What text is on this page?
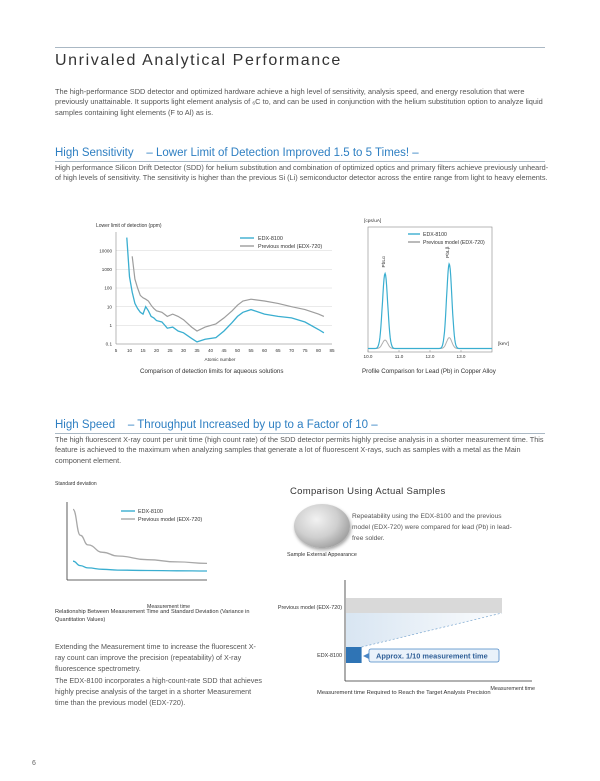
Unrivaled Analytical Performance
The high-performance SDD detector and optimized hardware achieve a high level of sensitivity, analysis speed, and energy resolution that were previously unattainable. It supports light element analysis of ₆C to, and can be used in conjunction with the helium substitution option to analyze liquid samples containing light elements (F to Al) as is.
High Sensitivity – Lower Limit of Detection Improved 1.5 to 5 Times! –
High performance Silicon Drift Detector (SDD) for helium substitution and combination of optimized optics and primary filters achieve previously unheard-of high levels of sensitivity. The sensitivity is higher than the previous Si (Li) semiconductor detector across the entire range from light to heavy elements.
Lower limit of detection (ppm)
Atomic number
5 10 15 20 25 30 35 40 45 50 55 60 65 70 75 80 85
0.1
1
10
100
1000
10000
EDX-8100
Previous model (EDX-720)
Comparison of detection limits for aqueous solutions
[cps/uA]
10.0	11.0	12.0	13.0
PbLα
PbLβ
EDX-8100
Previous model (EDX-720)
[keV]
Profile Comparison for Lead (Pb) in Copper Alloy
High Speed – Throughput Increased by up to a Factor of 10 –
The high fluorescent X-ray count per unit time (high count rate) of the SDD detector permits highly precise analysis in a shorter measurement time. This feature is achieved to the maximum when analyzing samples that generate a lot of fluorescent X-rays, such as samples with a metal as the Main component element.
Standard deviation
EDX-8100
Previous model (EDX-720)
Measurement time
Relationship Between Measurement Time and Standard Deviation (Variance in Quantitation Values)
Extending the Measurement time to increase the fluorescent X-ray count can improve the precision (repeatability) of X-ray fluorescence spectrometry.
The EDX-8100 incorporates a high-count-rate SDD that achieves highly precise analysis of the target in a shorter Measurement time than the previous model (EDX-720).
Comparison Using Actual Samples
Sample External Appearance
Repeatability using the EDX-8100 and the previous model (EDX-720) were compared for lead (Pb) in lead-free solder.
Previous model (EDX-720)
EDX-8100	Approx. 1/10 measurement time
Measurement time
Measurement time Required to Reach the Target Analysis Precision
6
